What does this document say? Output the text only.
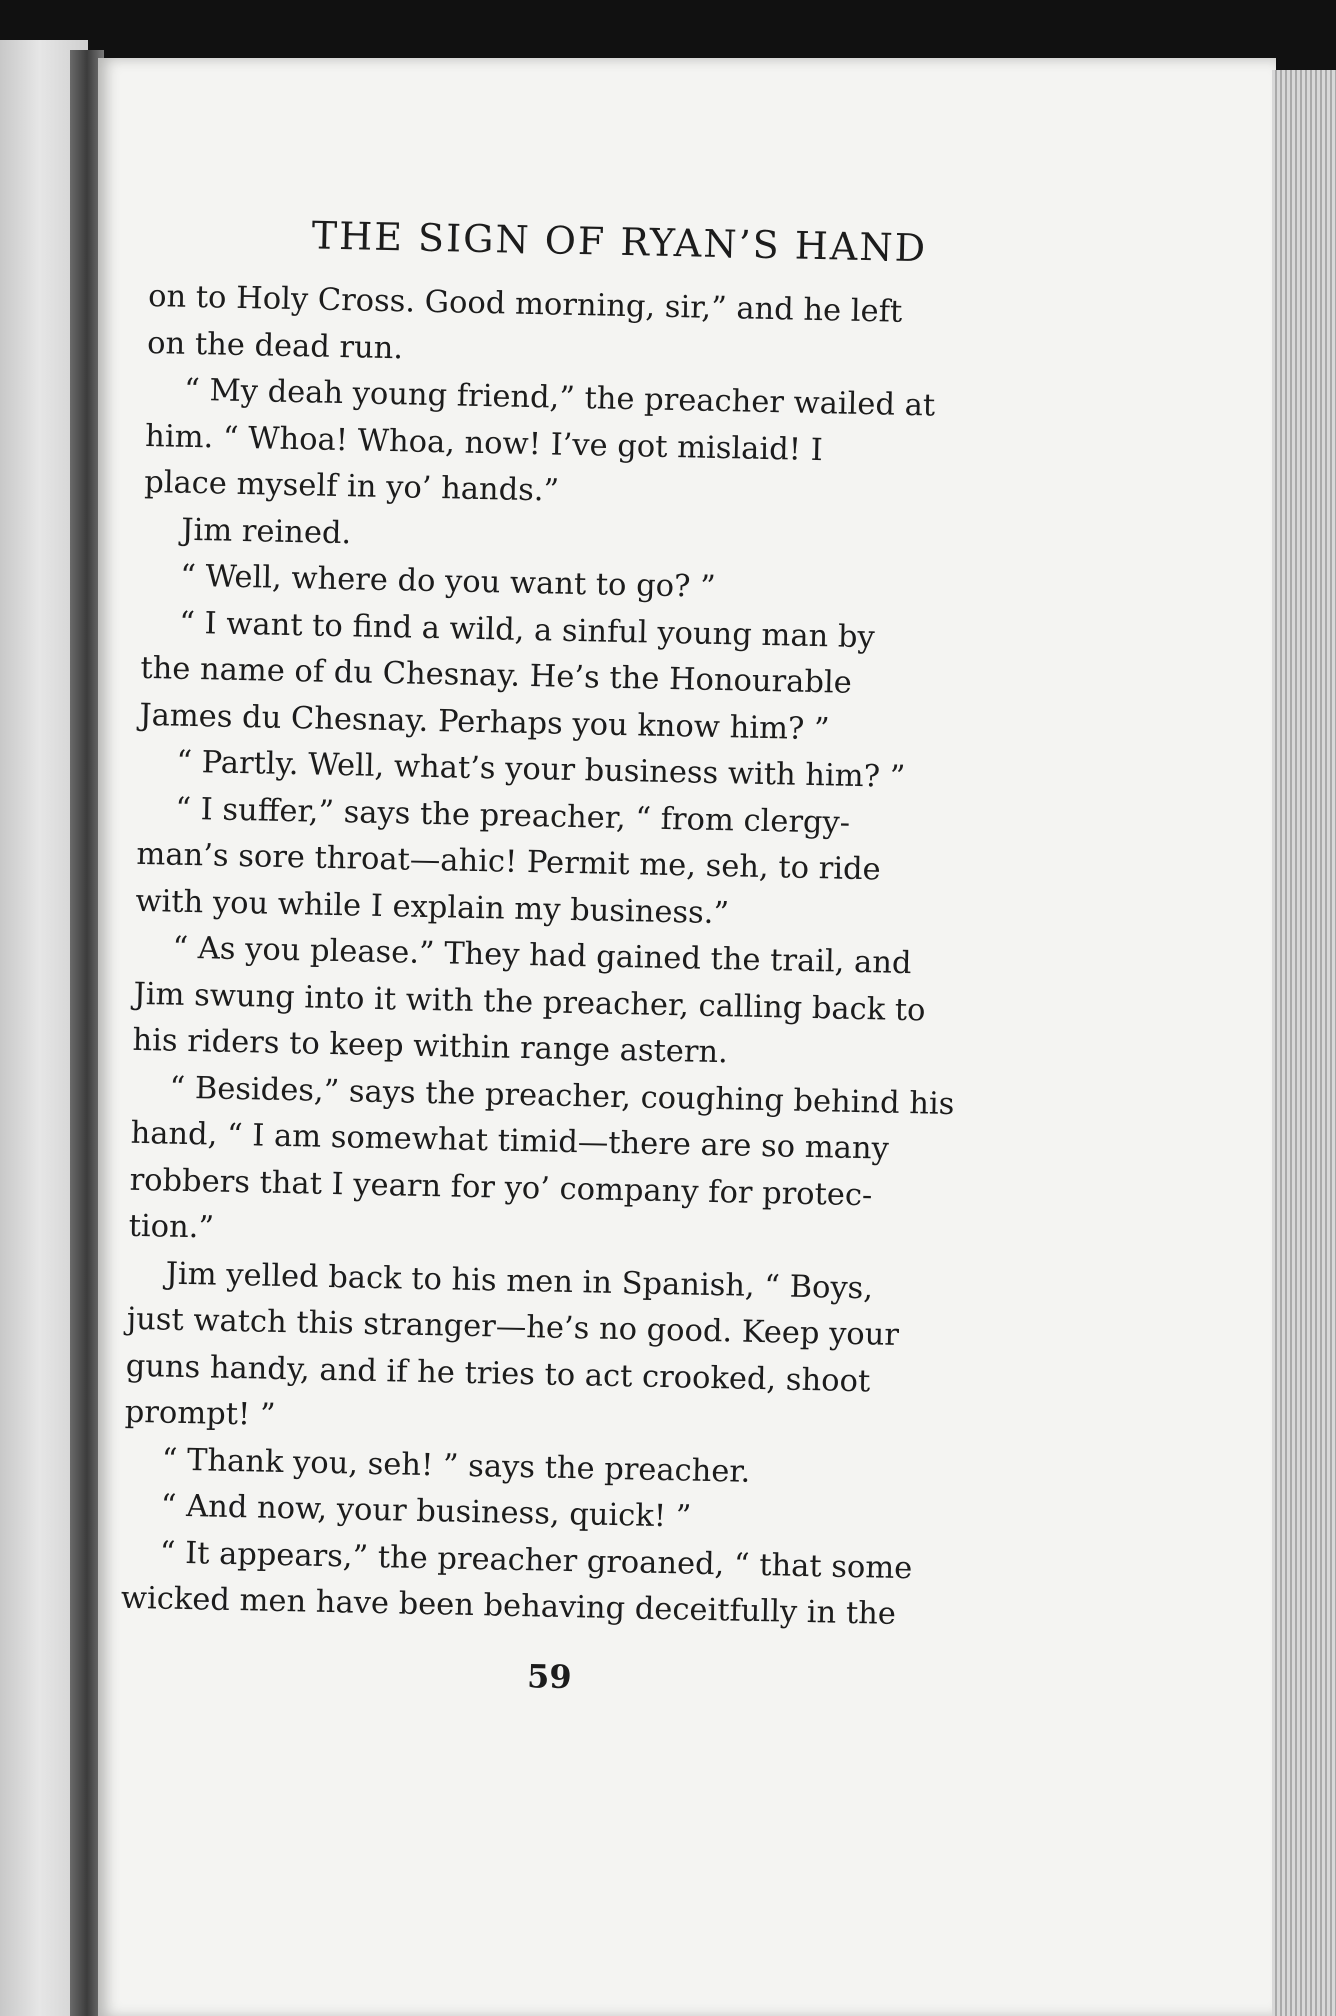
THE SIGN OF RYAN’S HAND
on to Holy Cross. Good morning, sir,” and he left
on the dead run.
“ My deah young friend,” the preacher wailed at
him. “ Whoa! Whoa, now! I’ve got mislaid! I
place myself in yo’ hands.”
Jim reined.
“ Well, where do you want to go? ”
“ I want to find a wild, a sinful young man by
the name of du Chesnay. He’s the Honourable
James du Chesnay. Perhaps you know him? ”
“ Partly. Well, what’s your business with him? ”
“ I suffer,” says the preacher, “ from clergy-
man’s sore throat—ahic! Permit me, seh, to ride
with you while I explain my business.”
“ As you please.” They had gained the trail, and
Jim swung into it with the preacher, calling back to
his riders to keep within range astern.
“ Besides,” says the preacher, coughing behind his
hand, “ I am somewhat timid—there are so many
robbers that I yearn for yo’ company for protec-
tion.”
Jim yelled back to his men in Spanish, “ Boys,
just watch this stranger—he’s no good. Keep your
guns handy, and if he tries to act crooked, shoot
prompt! ”
“ Thank you, seh! ” says the preacher.
“ And now, your business, quick! ”
“ It appears,” the preacher groaned, “ that some
wicked men have been behaving deceitfully in the
59
